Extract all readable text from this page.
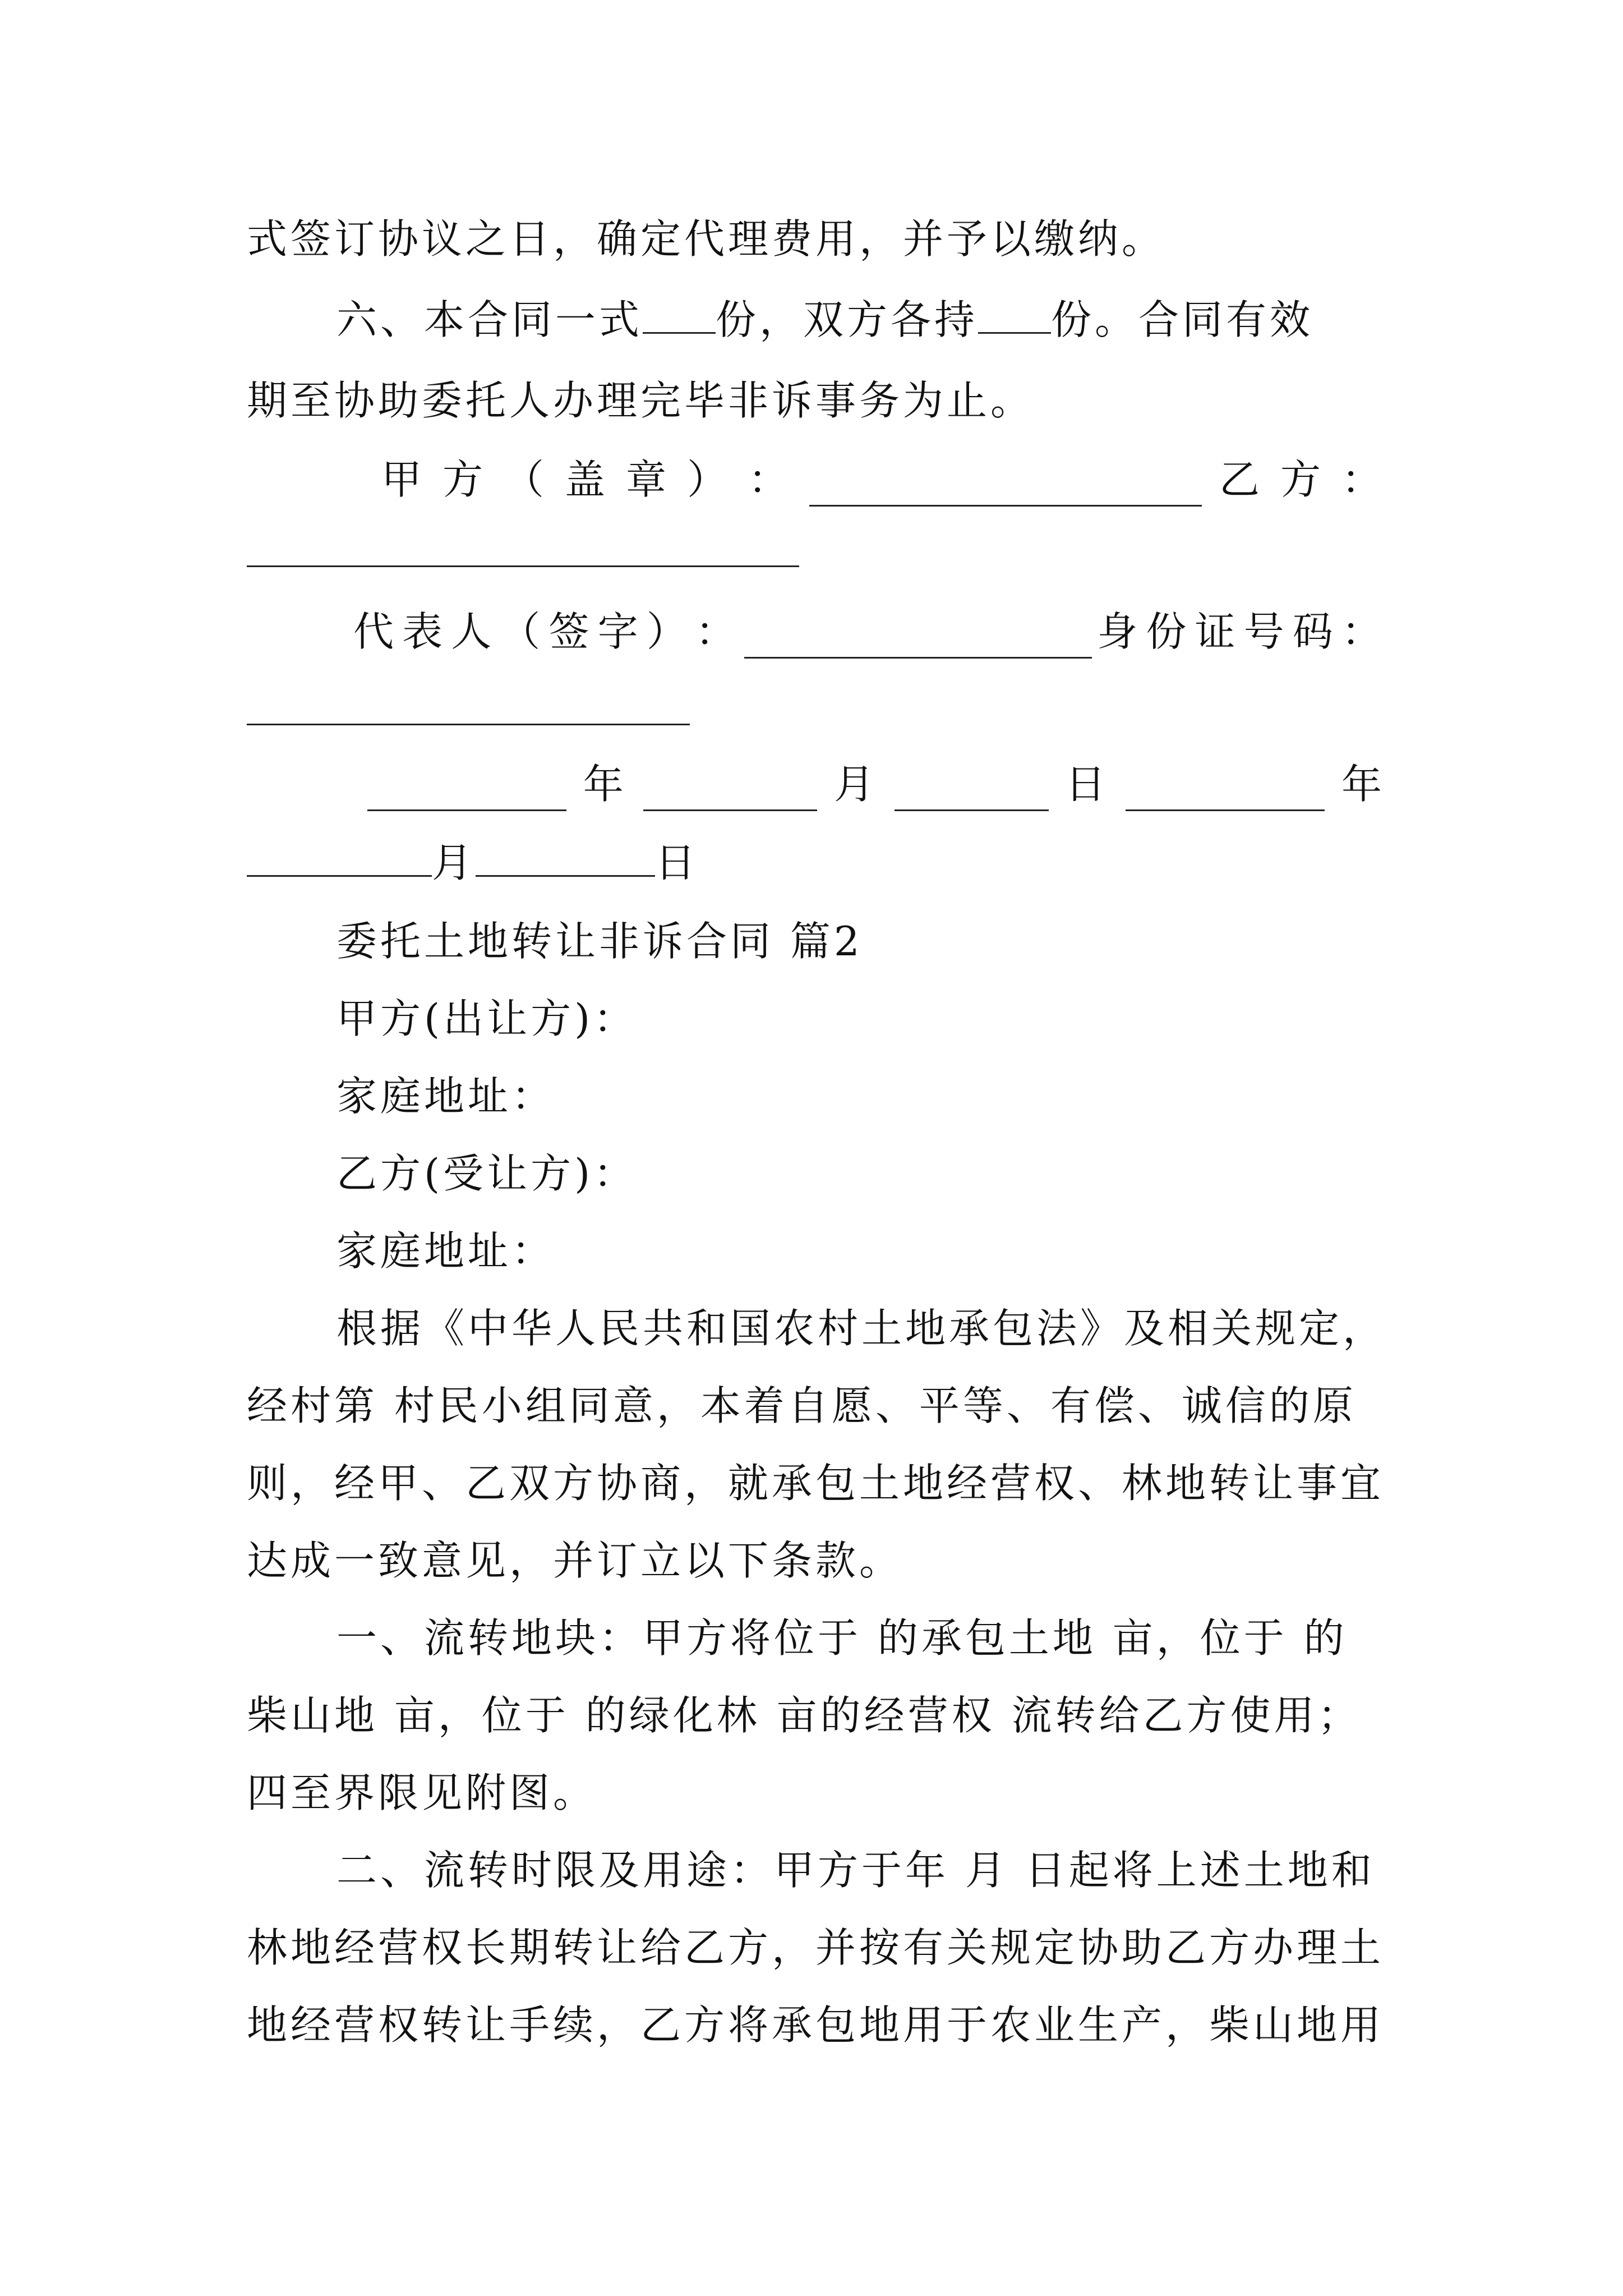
式签订协议之日，确定代理费用，并予以缴纳。
六、本合同一式 份，双方各持 份。合同有效
期至协助委托人办理完毕非诉事务为止。
甲 方 （ 盖 章 ） ：	乙 方 ：
代 表 人 （ 签 字 ） ：	身 份 证 号 码 ：
年	月	日	年
月	日
委托土地转让非诉合同 篇2
甲方(出让方)：
家庭地址：
乙方(受让方)：
家庭地址：
根据《中华人民共和国农村土地承包法》及相关规定，
经村第 村民小组同意，本着自愿、平等、有偿、诚信的原
则，经甲、乙双方协商，就承包土地经营权、林地转让事宜
达成一致意见，并订立以下条款。
一、流转地块：甲方将位于 的承包土地 亩，位于 的
柴山地 亩，位于 的绿化林 亩的经营权 流转给乙方使用；
四至界限见附图。
二、流转时限及用途：甲方于年 月 日起将上述土地和
林地经营权长期转让给乙方，并按有关规定协助乙方办理土
地经营权转让手续，乙方将承包地用于农业生产，柴山地用
